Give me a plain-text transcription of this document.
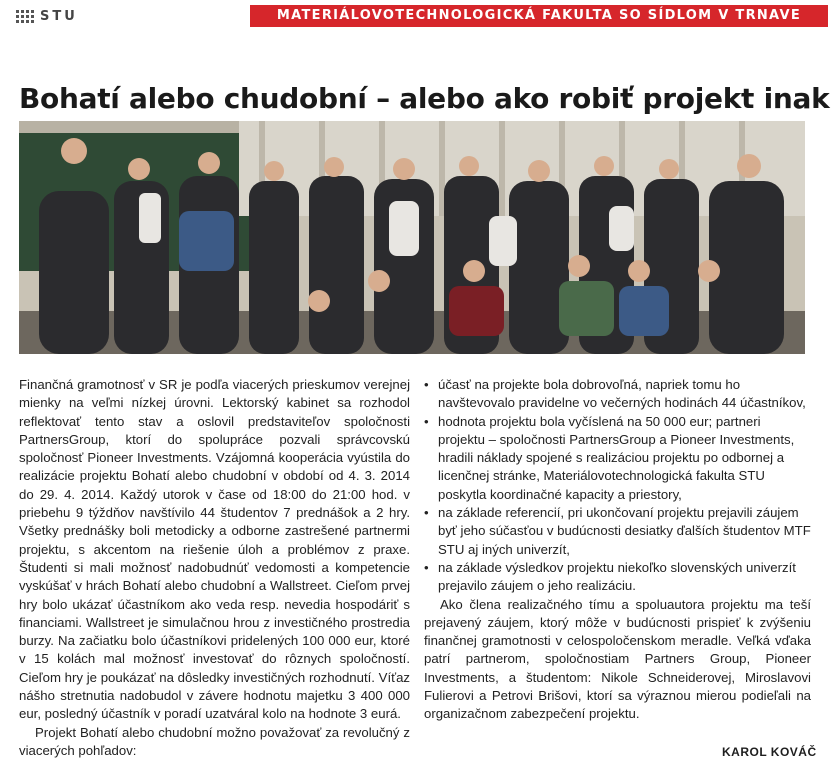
STU	MATERIÁLOVOTECHNOLOGICKÁ FAKULTA SO SÍDLOM V TRNAVE
Bohatí alebo chudobní – alebo ako robiť projekt inak

Finančná gramotnosť v SR je podľa viacerých prieskumov verejnej mienky na veľmi nízkej úrovni. Lektorský kabinet sa rozhodol reflektovať tento stav a oslovil predstaviteľov spoločnosti PartnersGroup, ktorí do spolupráce pozvali správcovskú spoločnosť Pioneer Investments. Vzájomná kooperácia vyústila do realizácie projektu Bohatí alebo chudobní v období od 4. 3. 2014 do 29. 4. 2014. Každý utorok v čase od 18:00 do 21:00 hod. v priebehu 9 týždňov navštívilo 44 študentov 7 prednášok a 2 hry. Všetky prednášky boli metodicky a odborne zastrešené partnermi projektu, s akcentom na riešenie úloh a problémov z praxe. Študenti si mali možnosť nadobudnúť vedomosti a kompetencie vyskúšať v hrách Bohatí alebo chudobní a Wallstreet. Cieľom prvej hry bolo ukázať účastníkom ako veda resp. nevedia hospodáriť s financiami. Wallstreet je simulačnou hrou z investičného prostredia burzy. Na začiatku bolo účastníkovi pridelených 100 000 eur, ktoré v 15 kolách mal možnosť investovať do rôznych spoločností. Cieľom hry je poukázať na dôsledky investičných rozhodnutí. Víťaz nášho stretnutia nadobudol v závere hodnotu majetku 3 400 000 eur, posledný účastník v poradí uzatváral kolo na hodnote 3 eurá.

Projekt Bohatí alebo chudobní možno považovať za revolučný z viacerých pohľadov:

• účasť na projekte bola dobrovoľná, napriek tomu ho navštevovalo pravidelne vo večerných hodinách 44 účastníkov,
• hodnota projektu bola vyčíslená na 50 000 eur; partneri projektu – spoločnosti PartnersGroup a Pioneer Investments, hradili náklady spojené s realizáciou projektu po odbornej a licenčnej stránke, Materiálovotechnologická fakulta STU poskytla koordinačné kapacity a priestory,
• na základe referencií, pri ukončovaní projektu prejavili záujem byť jeho súčasťou v budúcnosti desiatky ďalších študentov MTF STU aj iných univerzít,
• na základe výsledkov projektu niekoľko slovenských univerzít prejavilo záujem o jeho realizáciu.

Ako člena realizačného tímu a spoluautora projektu ma teší prejavený záujem, ktorý môže v budúcnosti prispieť k zvýšeniu finančnej gramotnosti v celospoločenskom meradle. Veľká vďaka patrí partnerom, spoločnostiam Partners Group, Pioneer Investments, a študentom: Nikole Schneiderovej, Miroslavovi Fulierovi a Petrovi Brišovi, ktorí sa výraznou mierou podieľali na organizačnom zabezpečení projektu.

KAROL KOVÁČ
